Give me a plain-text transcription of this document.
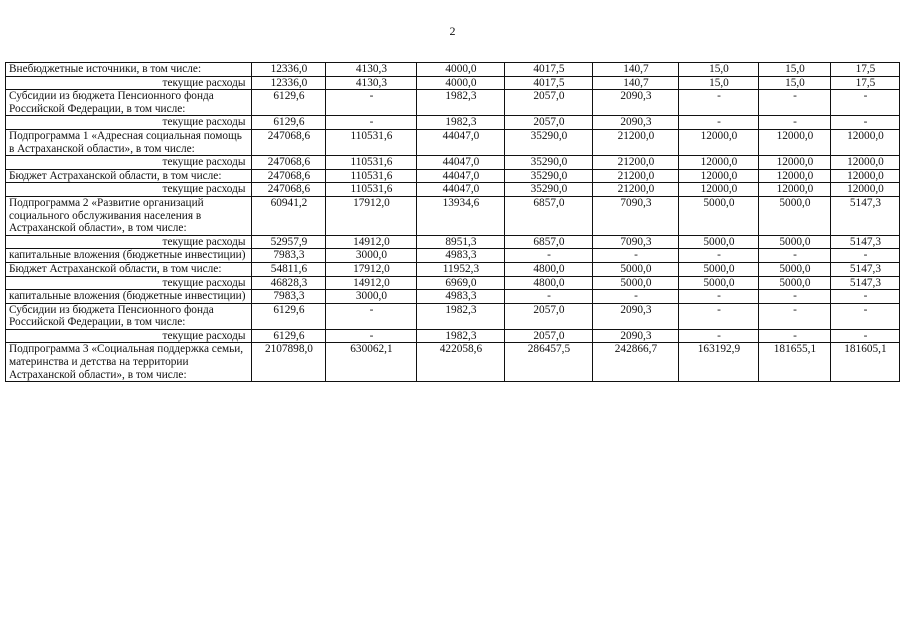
2
Внебюджетные источники, в том числе:	12336,0	4130,3	4000,0	4017,5	140,7	15,0	15,0	17,5
текущие расходы	12336,0	4130,3	4000,0	4017,5	140,7	15,0	15,0	17,5
Субсидии из бюджета Пенсионного фонда Российской Федерации, в том числе:	6129,6	-	1982,3	2057,0	2090,3	-	-	-
текущие расходы	6129,6	-	1982,3	2057,0	2090,3	-	-	-
Подпрограмма 1 «Адресная социальная помощь в Астраханской области», в том числе:	247068,6	110531,6	44047,0	35290,0	21200,0	12000,0	12000,0	12000,0
текущие расходы	247068,6	110531,6	44047,0	35290,0	21200,0	12000,0	12000,0	12000,0
Бюджет Астраханской области, в том числе:	247068,6	110531,6	44047,0	35290,0	21200,0	12000,0	12000,0	12000,0
текущие расходы	247068,6	110531,6	44047,0	35290,0	21200,0	12000,0	12000,0	12000,0
Подпрограмма 2 «Развитие организаций социального обслуживания населения в Астраханской области», в том числе:	60941,2	17912,0	13934,6	6857,0	7090,3	5000,0	5000,0	5147,3
текущие расходы	52957,9	14912,0	8951,3	6857,0	7090,3	5000,0	5000,0	5147,3
капитальные вложения (бюджетные инвестиции)	7983,3	3000,0	4983,3	-	-	-	-	-
Бюджет Астраханской области, в том числе:	54811,6	17912,0	11952,3	4800,0	5000,0	5000,0	5000,0	5147,3
текущие расходы	46828,3	14912,0	6969,0	4800,0	5000,0	5000,0	5000,0	5147,3
капитальные вложения (бюджетные инвестиции)	7983,3	3000,0	4983,3	-	-	-	-	-
Субсидии из бюджета Пенсионного фонда Российской Федерации, в том числе:	6129,6	-	1982,3	2057,0	2090,3	-	-	-
текущие расходы	6129,6	-	1982,3	2057,0	2090,3	-	-	-
Подпрограмма 3 «Социальная поддержка семьи, материнства и детства на территории Астраханской области», в том числе:	2107898,0	630062,1	422058,6	286457,5	242866,7	163192,9	181655,1	181605,1
